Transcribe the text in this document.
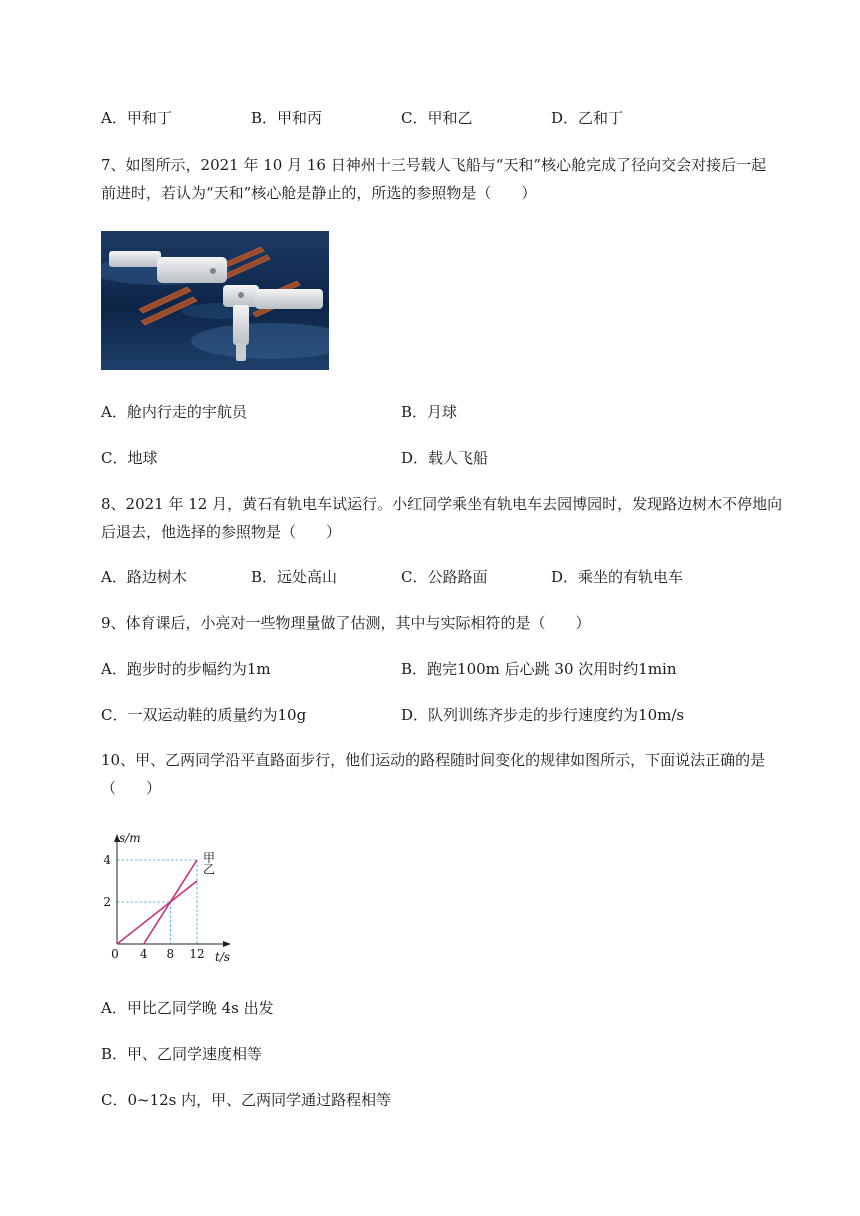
A．甲和丁	B．甲和丙	C．甲和乙	D．乙和丁
7、如图所示，2021 年 10 月 16 日神州十三号载人飞船与“天和”核心舱完成了径向交会对接后一起
前进时，若认为“天和”核心舱是静止的，所选的参照物是（　　）
A．舱内行走的宇航员	B．月球
C．地球	D．载人飞船
8、2021 年 12 月，黄石有轨电车试运行。小红同学乘坐有轨电车去园博园时，发现路边树木不停地向
后退去，他选择的参照物是（　　）
A．路边树木	B．远处高山	C．公路路面	D．乘坐的有轨电车
9、体育课后，小亮对一些物理量做了估测，其中与实际相符的是（　　）
A．跑步时的步幅约为1m	B．跑完100m 后心跳 30 次用时约1min
C．一双运动鞋的质量约为10g	D．队列训练齐步走的步行速度约为10m/s
10、甲、乙两同学沿平直路面步行，他们运动的路程随时间变化的规律如图所示，下面说法正确的是
（　　）
4 8 12
2
4
0
s/m
t/s
甲
乙
A．甲比乙同学晚 4s 出发
B．甲、乙同学速度相等
C．0~12s 内，甲、乙两同学通过路程相等
